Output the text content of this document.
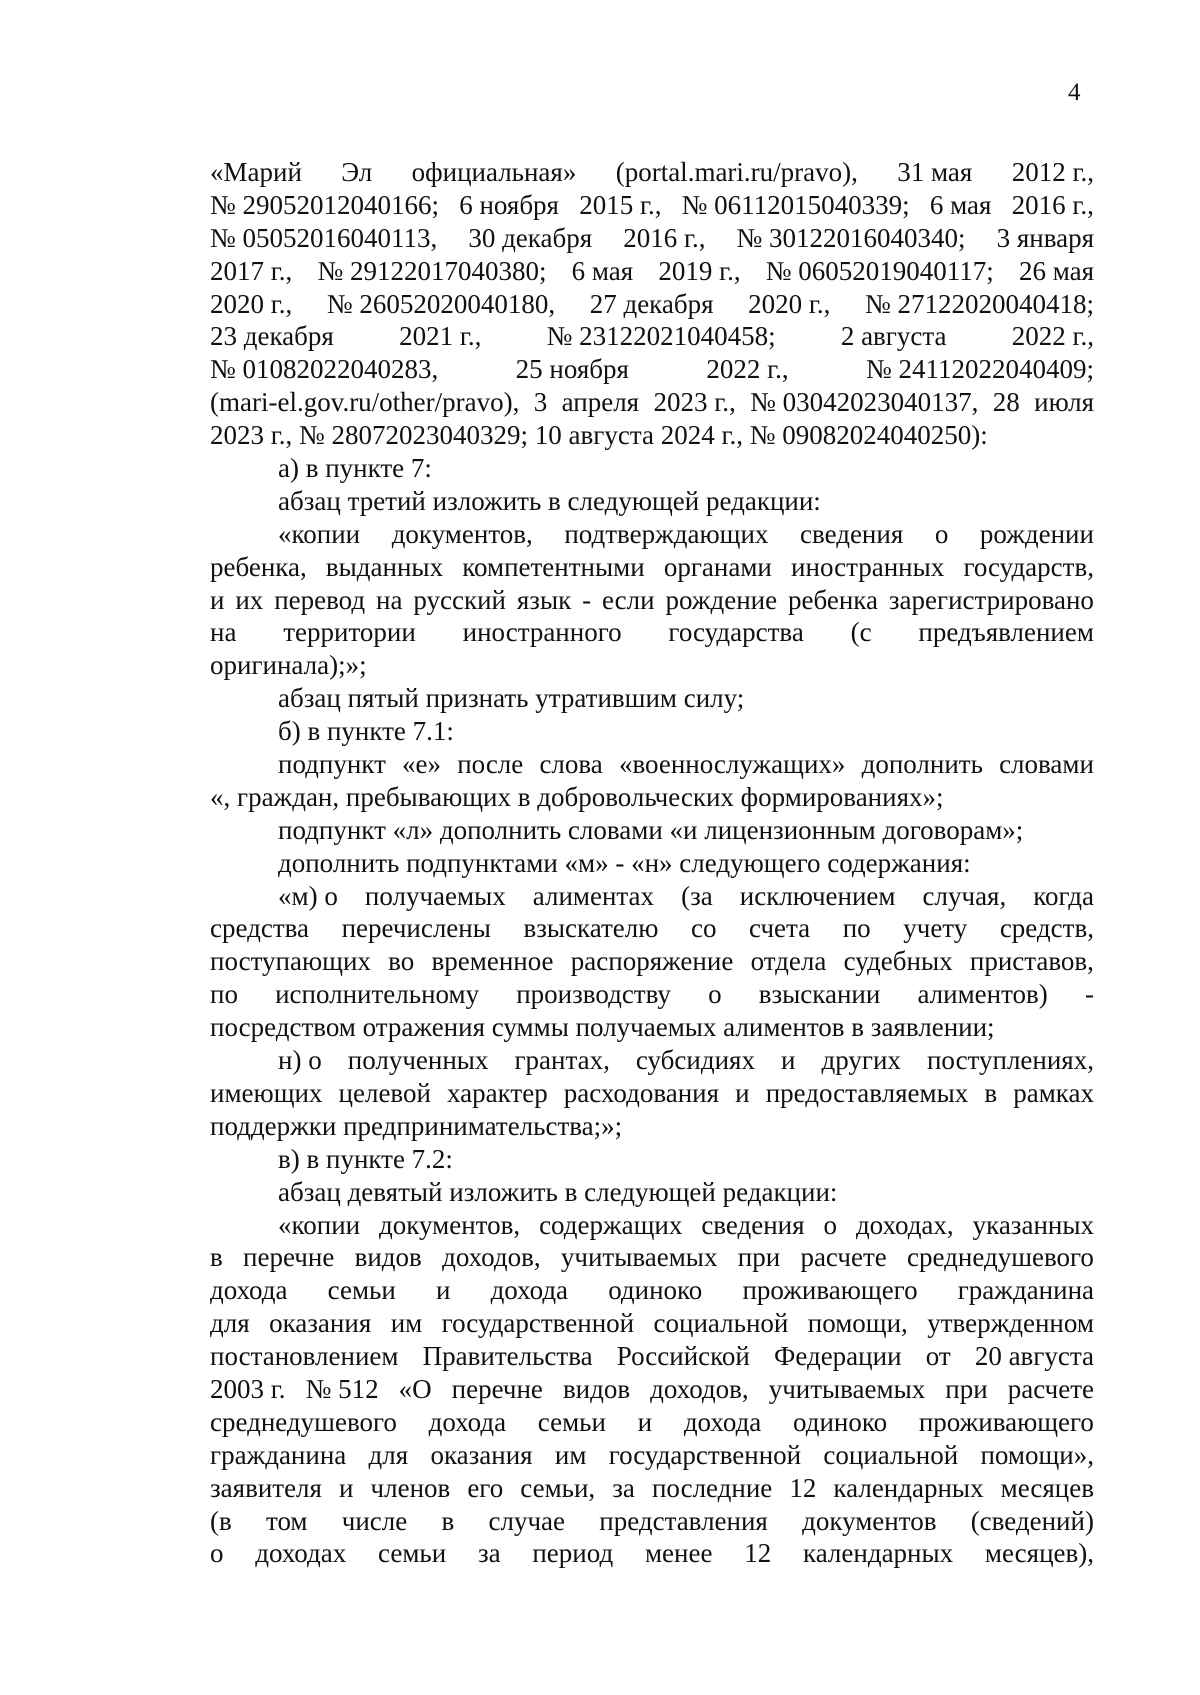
4
«Марий Эл официальная» (portal.mari.ru/pravo), 31 мая 2012 г.,
№ 29052012040166; 6 ноября 2015 г., № 06112015040339; 6 мая 2016 г.,
№ 05052016040113, 30 декабря 2016 г., № 30122016040340; 3 января
2017 г., № 29122017040380; 6 мая 2019 г., № 06052019040117; 26 мая
2020 г., № 26052020040180, 27 декабря 2020 г., № 27122020040418;
23 декабря 2021 г., № 23122021040458; 2 августа 2022 г.,
№ 01082022040283,	25 ноября	2022 г.,	№ 24112022040409;
(mari-el.gov.ru/other/pravo), 3 апреля 2023 г., № 03042023040137, 28 июля
2023 г., № 28072023040329; 10 августа 2024 г., № 09082024040250):
а) в пункте 7:
абзац третий изложить в следующей редакции:
«копии документов, подтверждающих сведения о рождении
ребенка, выданных компетентными органами иностранных государств,
и их перевод на русский язык - если рождение ребенка зарегистрировано
на территории иностранного государства (с предъявлением
оригинала);»;
абзац пятый признать утратившим силу;
б) в пункте 7.1:
подпункт «е» после слова «военнослужащих» дополнить словами
«, граждан, пребывающих в добровольческих формированиях»;
подпункт «л» дополнить словами «и лицензионным договорам»;
дополнить подпунктами «м» - «н» следующего содержания:
«м) о получаемых алиментах (за исключением случая, когда
средства перечислены взыскателю со счета по учету средств,
поступающих во временное распоряжение отдела судебных приставов,
по исполнительному производству о взыскании алиментов) -
посредством отражения суммы получаемых алиментов в заявлении;
н) о полученных грантах, субсидиях и других поступлениях,
имеющих целевой характер расходования и предоставляемых в рамках
поддержки предпринимательства;»;
в) в пункте 7.2:
абзац девятый изложить в следующей редакции:
«копии документов, содержащих сведения о доходах, указанных
в перечне видов доходов, учитываемых при расчете среднедушевого
дохода семьи и дохода одиноко проживающего гражданина
для оказания им государственной социальной помощи, утвержденном
постановлением Правительства Российской Федерации от 20 августа
2003 г. № 512 «О перечне видов доходов, учитываемых при расчете
среднедушевого дохода семьи и дохода одиноко проживающего
гражданина для оказания им государственной социальной помощи»,
заявителя и членов его семьи, за последние 12 календарных месяцев
(в том числе в случае представления документов (сведений)
о доходах семьи за период менее 12 календарных месяцев),
